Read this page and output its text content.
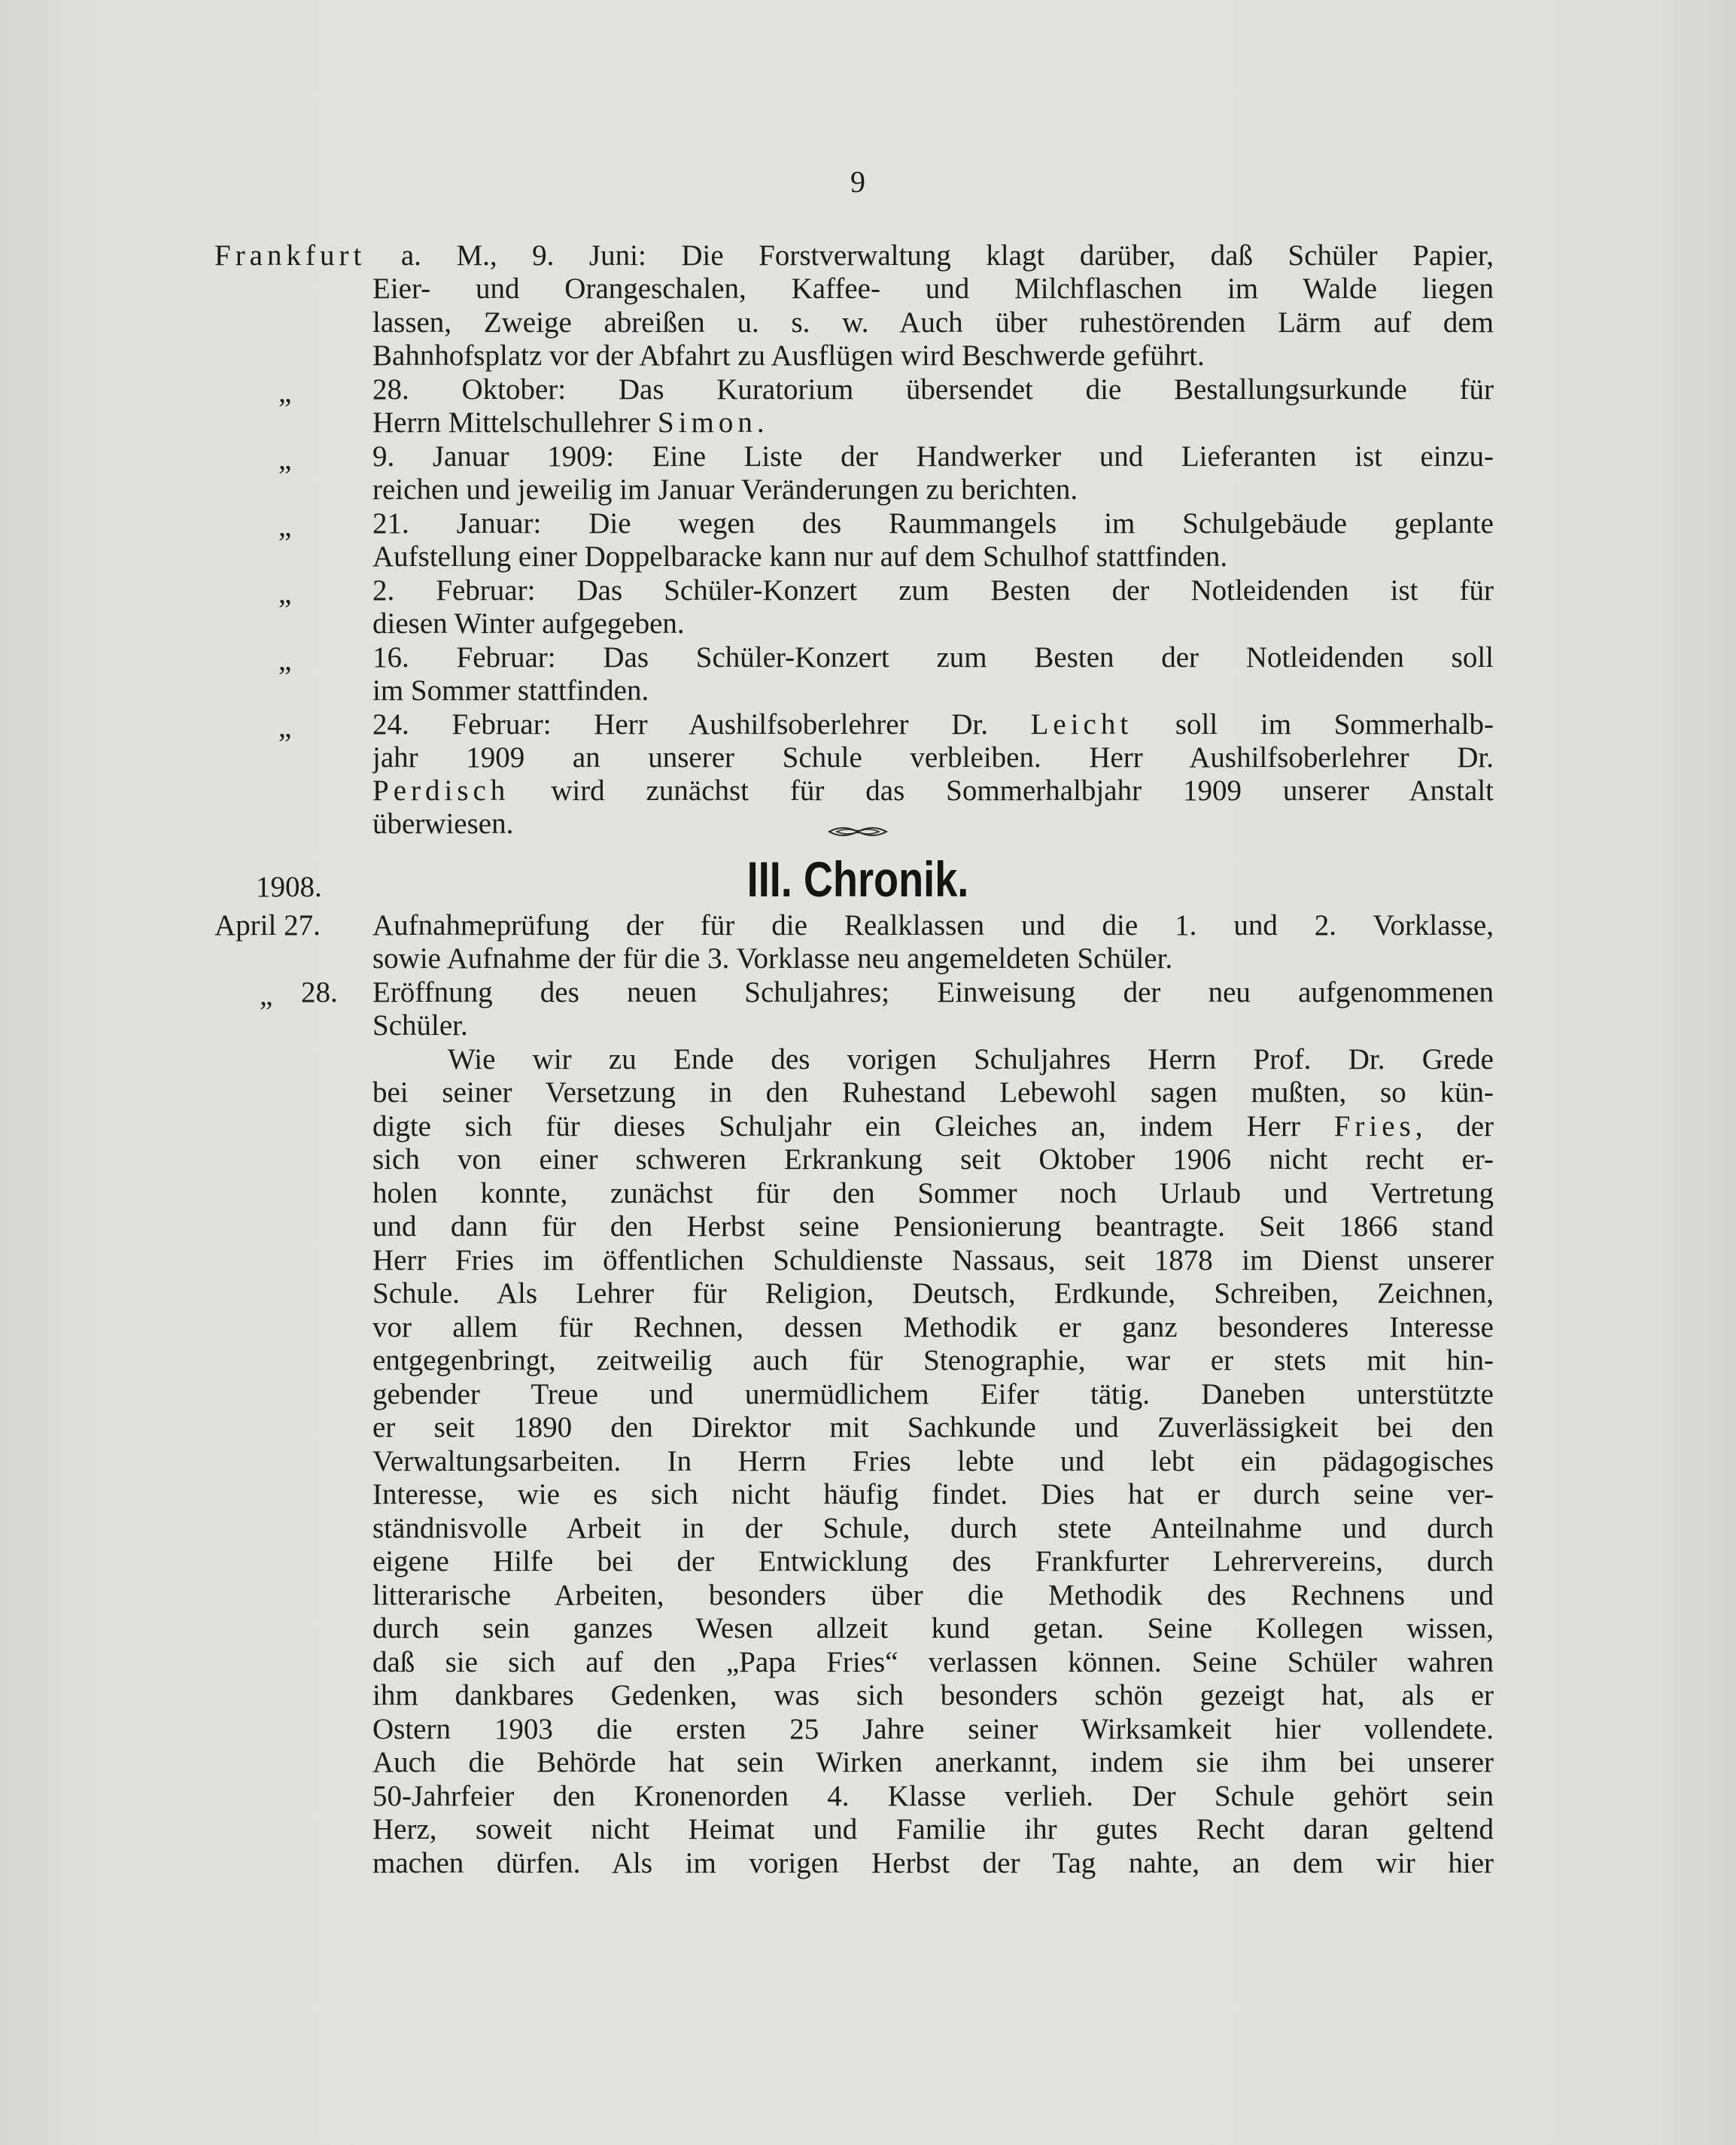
9
Frankfurt a. M., 9. Juni: Die Forstverwaltung klagt darüber, daß Schüler Papier,
Eier- und Orangeschalen, Kaffee- und Milchflaschen im Walde liegen
lassen, Zweige abreißen u. s. w. Auch über ruhestörenden Lärm auf dem
Bahnhofsplatz vor der Abfahrt zu Ausflügen wird Beschwerde geführt.
„	28. Oktober: Das Kuratorium übersendet die Bestallungsurkunde für
Herrn Mittelschullehrer Simon.
„	9. Januar 1909: Eine Liste der Handwerker und Lieferanten ist einzu-
reichen und jeweilig im Januar Veränderungen zu berichten.
„	21. Januar: Die wegen des Raummangels im Schulgebäude geplante
Aufstellung einer Doppelbaracke kann nur auf dem Schulhof stattfinden.
„	2. Februar: Das Schüler-Konzert zum Besten der Notleidenden ist für
diesen Winter aufgegeben.
„	16. Februar: Das Schüler-Konzert zum Besten der Notleidenden soll
im Sommer stattfinden.
„	24. Februar: Herr Aushilfsoberlehrer Dr. Leicht soll im Sommerhalb-
jahr 1909 an unserer Schule verbleiben. Herr Aushilfsoberlehrer Dr.
Perdisch wird zunächst für das Sommerhalbjahr 1909 unserer Anstalt
überwiesen.
1908.	III. Chronik.
April 27. Aufnahmeprüfung der für die Realklassen und die 1. und 2. Vorklasse,
sowie Aufnahme der für die 3. Vorklasse neu angemeldeten Schüler.
„ 28. Eröffnung des neuen Schuljahres; Einweisung der neu aufgenommenen
Schüler.
Wie wir zu Ende des vorigen Schuljahres Herrn Prof. Dr. Grede
bei seiner Versetzung in den Ruhestand Lebewohl sagen mußten, so kün-
digte sich für dieses Schuljahr ein Gleiches an, indem Herr Fries, der
sich von einer schweren Erkrankung seit Oktober 1906 nicht recht er-
holen konnte, zunächst für den Sommer noch Urlaub und Vertretung
und dann für den Herbst seine Pensionierung beantragte. Seit 1866 stand
Herr Fries im öffentlichen Schuldienste Nassaus, seit 1878 im Dienst unserer
Schule. Als Lehrer für Religion, Deutsch, Erdkunde, Schreiben, Zeichnen,
vor allem für Rechnen, dessen Methodik er ganz besonderes Interesse
entgegenbringt, zeitweilig auch für Stenographie, war er stets mit hin-
gebender Treue und unermüdlichem Eifer tätig. Daneben unterstützte
er seit 1890 den Direktor mit Sachkunde und Zuverlässigkeit bei den
Verwaltungsarbeiten. In Herrn Fries lebte und lebt ein pädagogisches
Interesse, wie es sich nicht häufig findet. Dies hat er durch seine ver-
ständnisvolle Arbeit in der Schule, durch stete Anteilnahme und durch
eigene Hilfe bei der Entwicklung des Frankfurter Lehrervereins, durch
litterarische Arbeiten, besonders über die Methodik des Rechnens und
durch sein ganzes Wesen allzeit kund getan. Seine Kollegen wissen,
daß sie sich auf den „Papa Fries“ verlassen können. Seine Schüler wahren
ihm dankbares Gedenken, was sich besonders schön gezeigt hat, als er
Ostern 1903 die ersten 25 Jahre seiner Wirksamkeit hier vollendete.
Auch die Behörde hat sein Wirken anerkannt, indem sie ihm bei unserer
50-Jahrfeier den Kronenorden 4. Klasse verlieh. Der Schule gehört sein
Herz, soweit nicht Heimat und Familie ihr gutes Recht daran geltend
machen dürfen. Als im vorigen Herbst der Tag nahte, an dem wir hier
